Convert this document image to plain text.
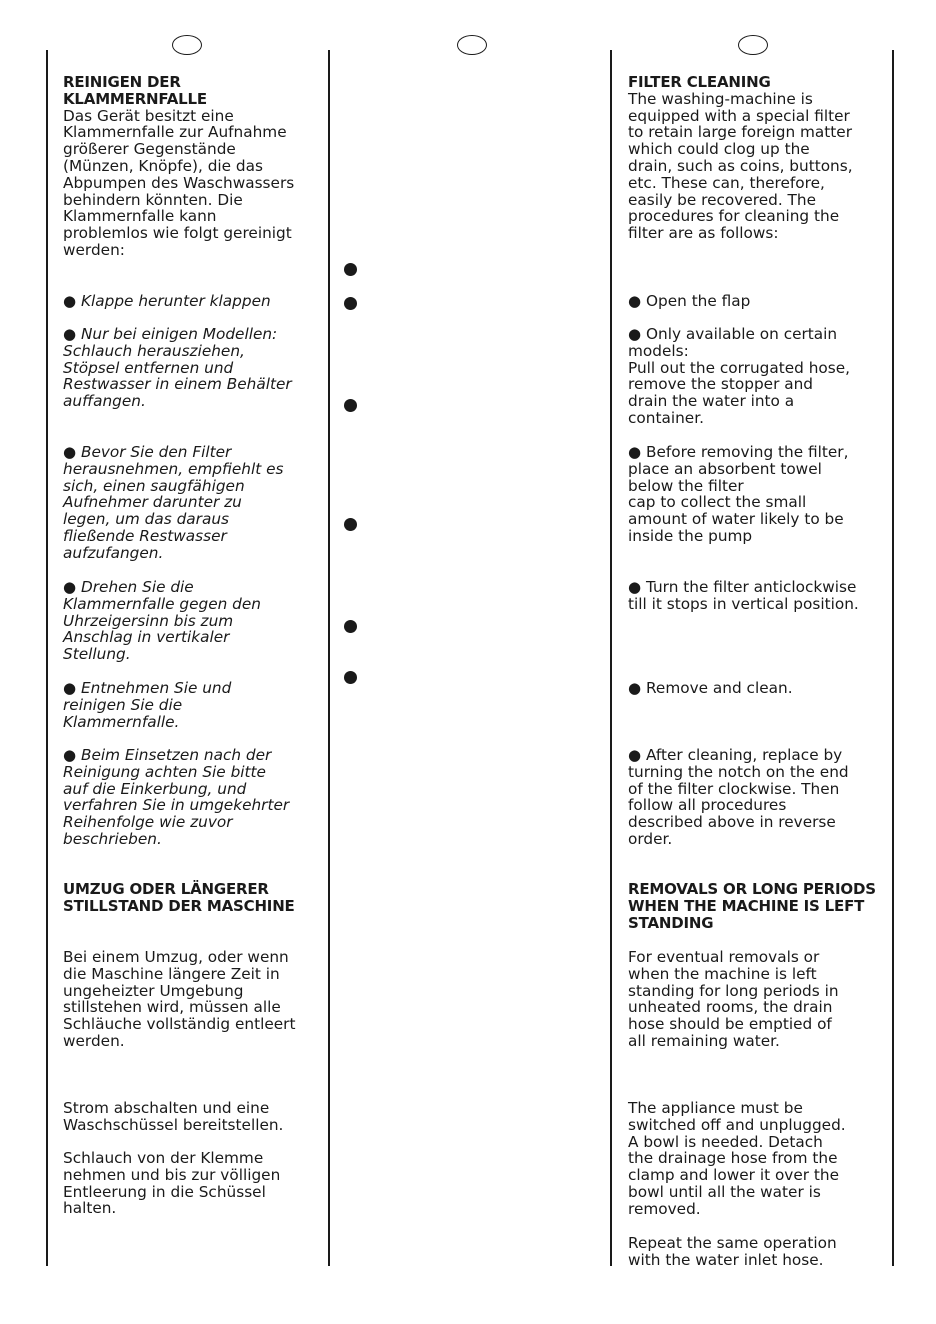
REINIGEN DER
KLAMMERNFALLE

Das Gerät besitzt eine
Klammernfalle zur Aufnahme
größerer Gegenstände
(Münzen, Knöpfe), die das
Abpumpen des Waschwassers
behindern könnten. Die
Klammernfalle kann
problemlos wie folgt gereinigt
werden:

● Klappe herunter klappen

● Nur bei einigen Modellen:
Schlauch herausziehen,
Stöpsel entfernen und
Restwasser in einem Behälter
auffangen.

● Bevor Sie den Filter
herausnehmen, empfiehlt es
sich, einen saugfähigen
Aufnehmer darunter zu
legen, um das daraus
fließende Restwasser
aufzufangen.

● Drehen Sie die
Klammernfalle gegen den
Uhrzeigersinn bis zum
Anschlag in vertikaler
Stellung.

● Entnehmen Sie und
reinigen Sie die
Klammernfalle.

● Beim Einsetzen nach der
Reinigung achten Sie bitte
auf die Einkerbung, und
verfahren Sie in umgekehrter
Reihenfolge wie zuvor
beschrieben.

UMZUG ODER LÄNGERER
STILLSTAND DER MASCHINE

Bei einem Umzug, oder wenn
die Maschine längere Zeit in
ungeheizter Umgebung
stillstehen wird, müssen alle
Schläuche vollständig entleert
werden.

Strom abschalten und eine
Waschschüssel bereitstellen.

Schlauch von der Klemme
nehmen und bis zur völligen
Entleerung in die Schüssel
halten.

FILTER CLEANING

The washing-machine is
equipped with a special filter
to retain large foreign matter
which could clog up the
drain, such as coins, buttons,
etc. These can, therefore,
easily be recovered. The
procedures for cleaning the
filter are as follows:

● Open the flap

● Only available on certain
models:
Pull out the corrugated hose,
remove the stopper and
drain the water into a
container.

● Before removing the filter,
place an absorbent towel
below the filter
cap to collect the small
amount of water likely to be
inside the pump

● Turn the filter anticlockwise
till it stops in vertical position.

● Remove and clean.

● After cleaning, replace by
turning the notch on the end
of the filter clockwise. Then
follow all procedures
described above in reverse
order.

REMOVALS OR LONG PERIODS
WHEN THE MACHINE IS LEFT
STANDING

For eventual removals or
when the machine is left
standing for long periods in
unheated rooms, the drain
hose should be emptied of
all remaining water.

The appliance must be
switched off and unplugged.
A bowl is needed. Detach
the drainage hose from the
clamp and lower it over the
bowl until all the water is
removed.

Repeat the same operation
with the water inlet hose.
